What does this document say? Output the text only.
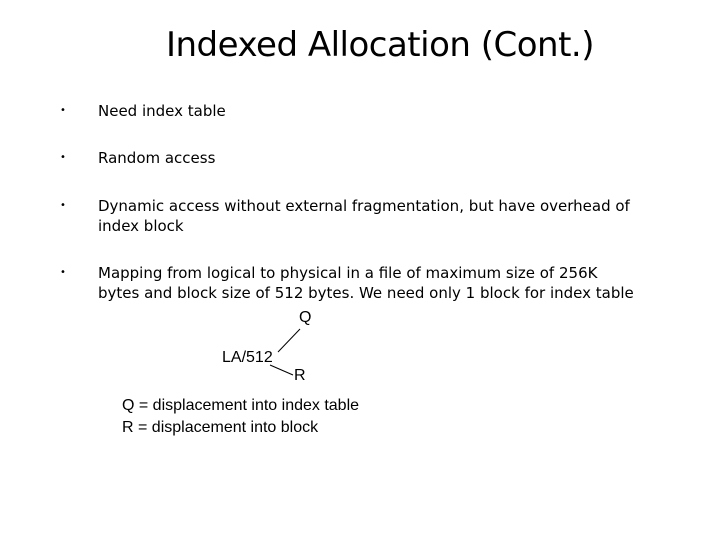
Indexed Allocation (Cont.)
•	Need index table
•	Random access
•	Dynamic access without external fragmentation, but have overhead of index block
•	Mapping from logical to physical in a file of maximum size of 256K bytes and block size of 512 bytes. We need only 1 block for index table
Q
LA/512
R
Q = displacement into index table
R = displacement into block
